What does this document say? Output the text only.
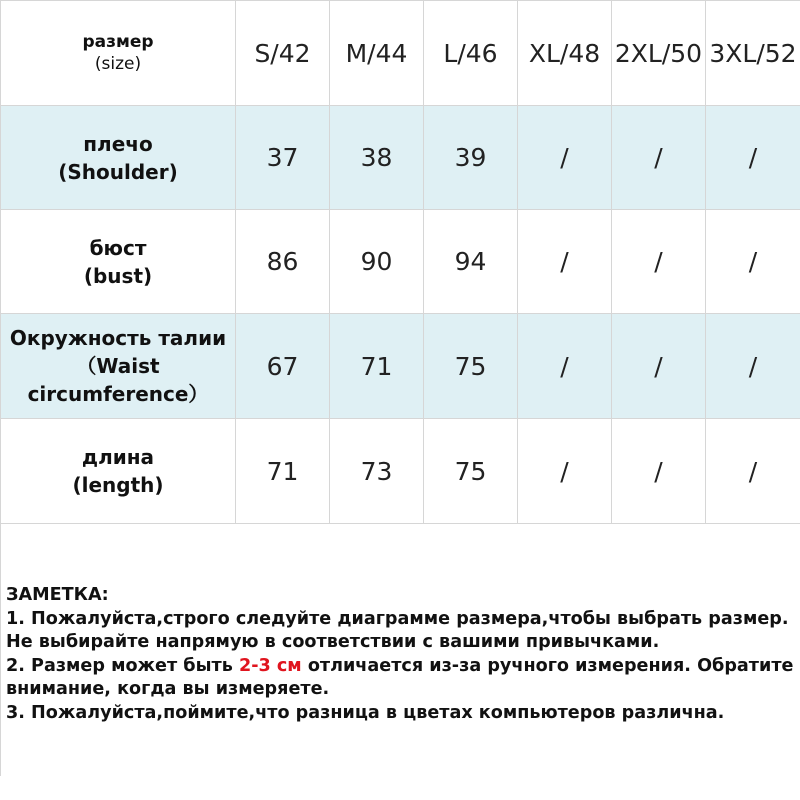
размер
(size)	S/42	M/44	L/46	XL/48	2XL/50	3XL/52

плечо
(Shoulder)	37	38	39	/	/	/

бюст
(bust)	86	90	94	/	/	/

Окружность талии
（Waist
circumference）	67	71	75	/	/	/

длина
(length)	71	73	75	/	/	/
ЗАМЕТКА:
1. Пожалуйста,строго следуйте диаграмме размера,чтобы выбрать размер.
Не выбирайте напрямую в соответствии с вашими привычками.
2. Размер может быть 2-3 см отличается из-за ручного измерения. Обратите
внимание, когда вы измеряете.
3. Пожалуйста,поймите,что разница в цветах компьютеров различна.
